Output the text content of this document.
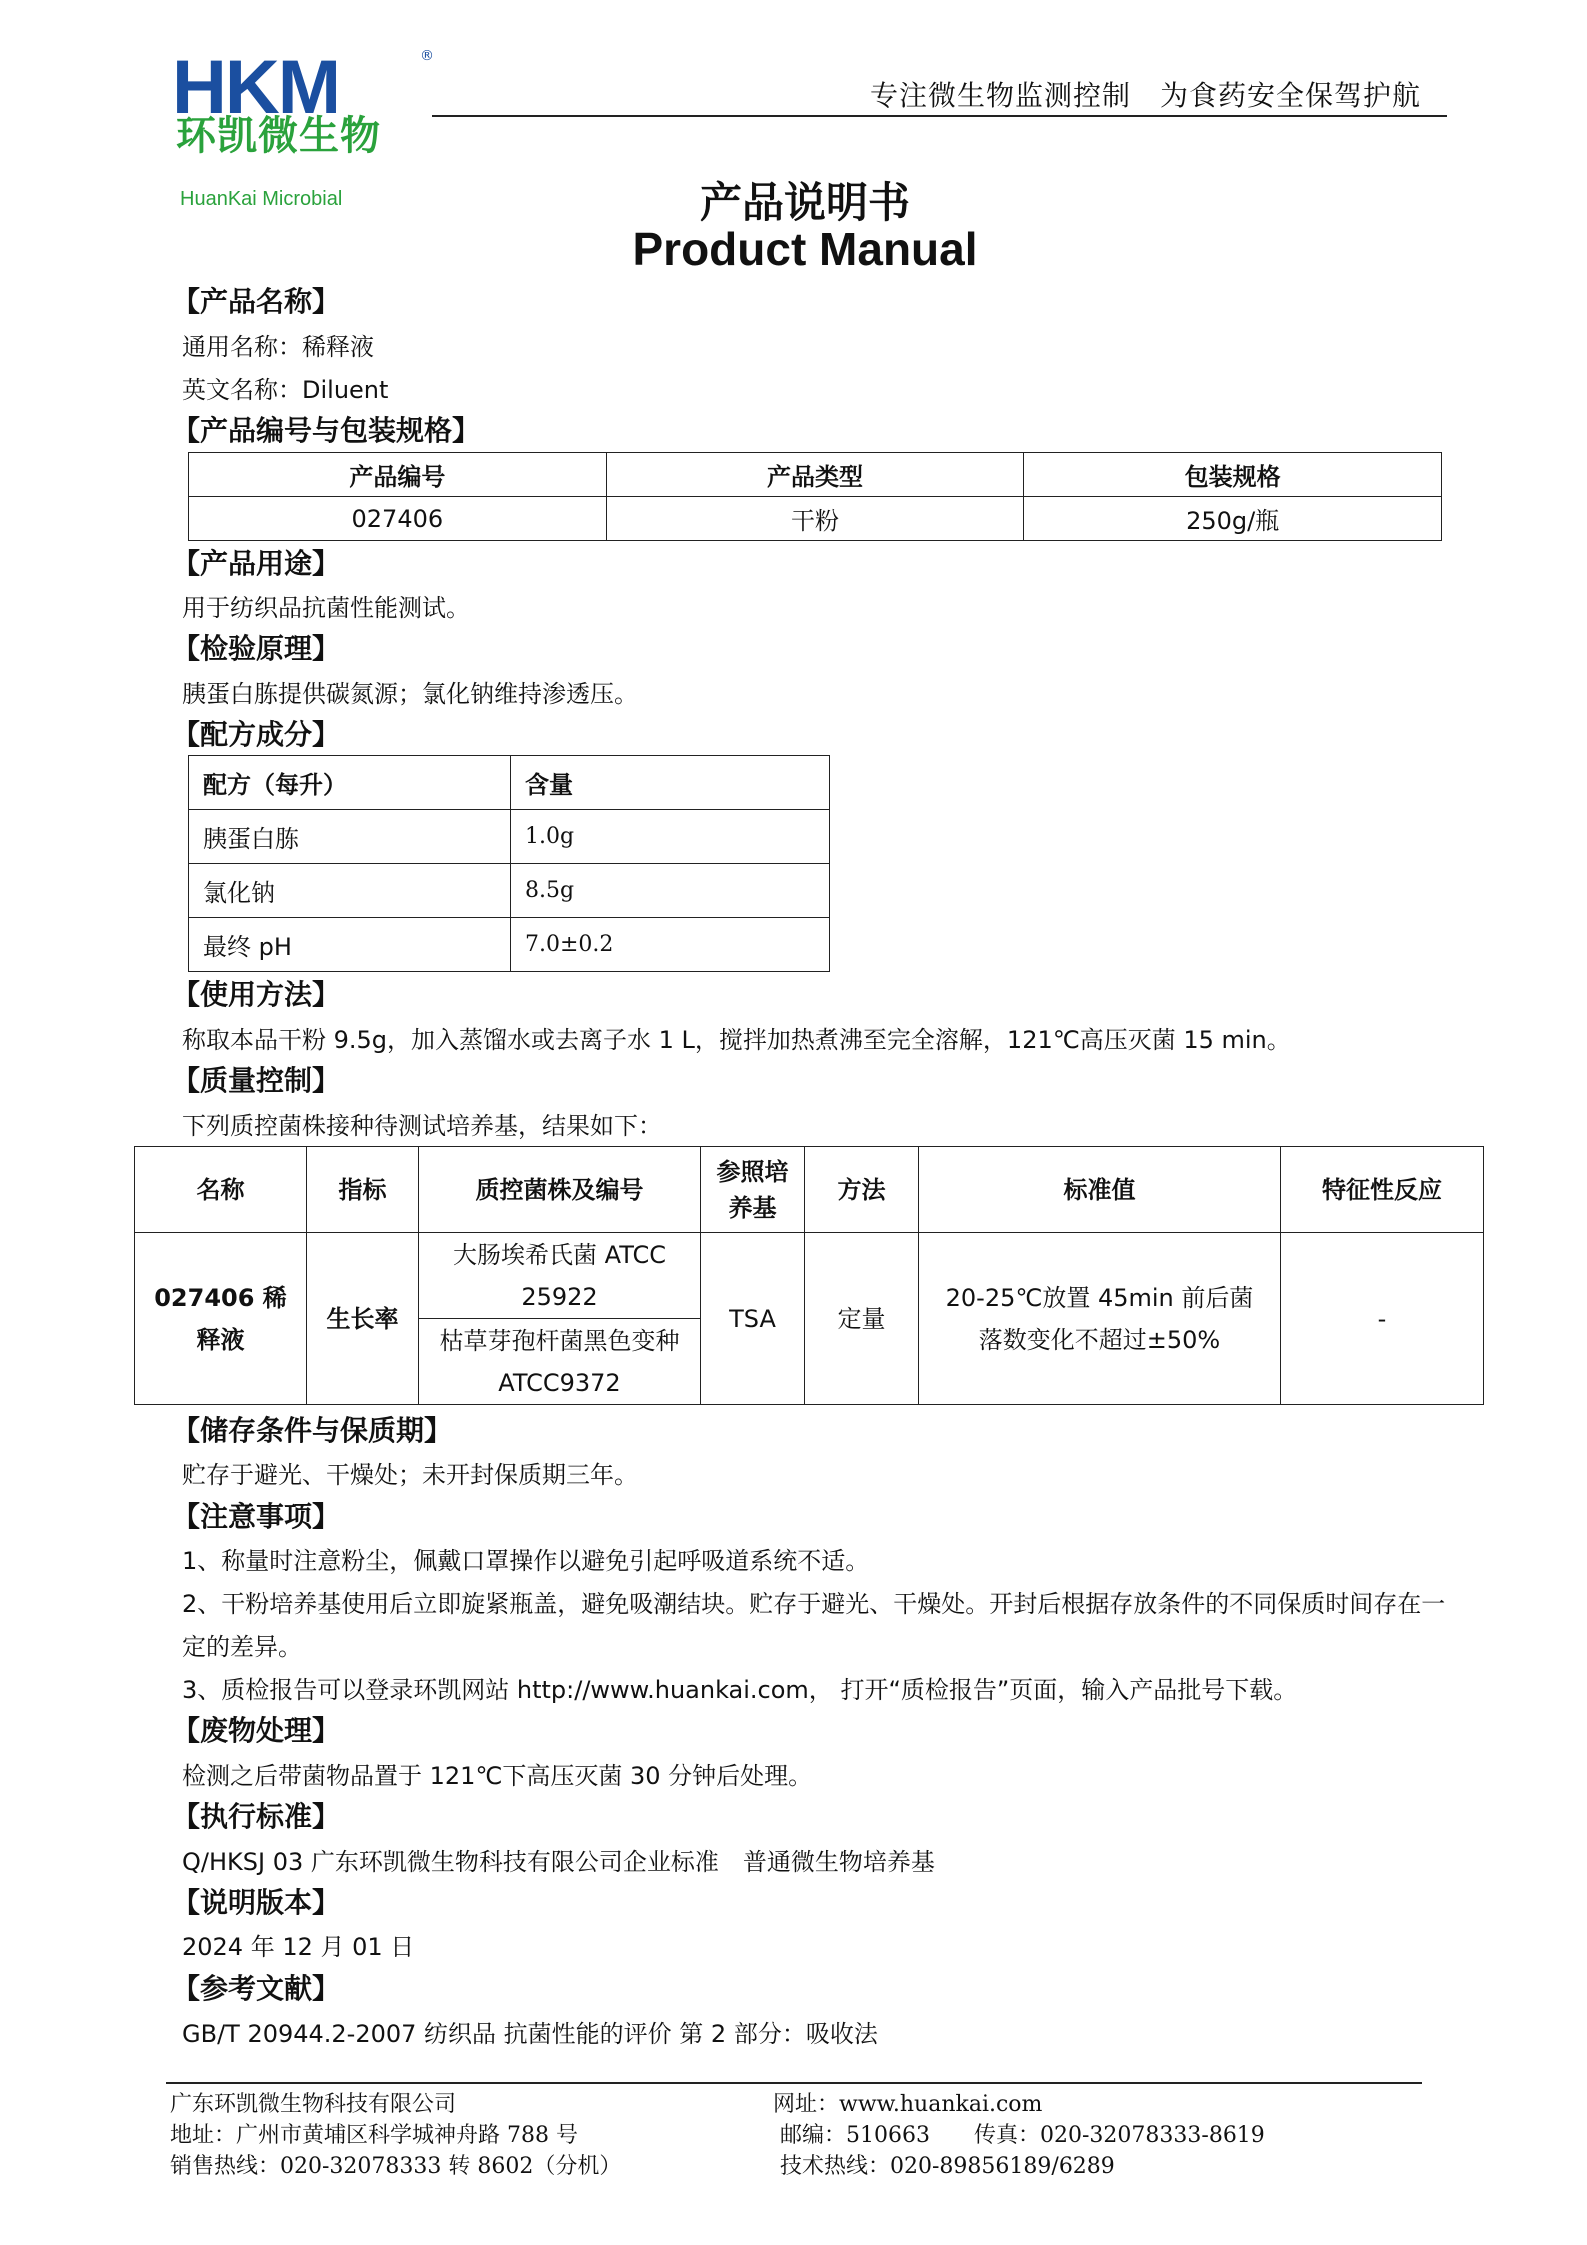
HKM	®
环凯微生物
HuanKai Microbial
专注微生物监测控制　为食药安全保驾护航
产品说明书
Product Manual
【产品名称】
通用名称：稀释液
英文名称：Diluent
【产品编号与包装规格】
产品编号	产品类型	包装规格
027406	干粉	250g/瓶
【产品用途】
用于纺织品抗菌性能测试。
【检验原理】
胰蛋白胨提供碳氮源；氯化钠维持渗透压。
【配方成分】
配方（每升）	含量
胰蛋白胨	1.0g
氯化钠	8.5g
最终 pH	7.0±0.2
【使用方法】
称取本品干粉 9.5g，加入蒸馏水或去离子水 1 L，搅拌加热煮沸至完全溶解，121℃高压灭菌 15 min。
【质量控制】
下列质控菌株接种待测试培养基，结果如下：
名称	指标	质控菌株及编号	参照培养基	方法	标准值	特征性反应
027406 稀释液	生长率	大肠埃希氏菌 ATCC 25922	TSA	定量	20-25℃放置 45min 前后菌落数变化不超过±50%	-
		枯草芽孢杆菌黑色变种 ATCC9372				
【储存条件与保质期】
贮存于避光、干燥处；未开封保质期三年。
【注意事项】
1、称量时注意粉尘，佩戴口罩操作以避免引起呼吸道系统不适。
2、干粉培养基使用后立即旋紧瓶盖，避免吸潮结块。贮存于避光、干燥处。开封后根据存放条件的不同保质时间存在一
定的差异。
3、质检报告可以登录环凯网站 http://www.huankai.com， 打开“质检报告”页面，输入产品批号下载。
【废物处理】
检测之后带菌物品置于 121℃下高压灭菌 30 分钟后处理。
【执行标准】
Q/HKSJ 03 广东环凯微生物科技有限公司企业标准　普通微生物培养基
【说明版本】
2024 年 12 月 01 日
【参考文献】
GB/T 20944.2-2007 纺织品 抗菌性能的评价 第 2 部分：吸收法
广东环凯微生物科技有限公司
地址：广州市黄埔区科学城神舟路 788 号
销售热线：020-32078333 转 8602（分机）
网址：www.huankai.com
邮编：510663　　传真：020-32078333-8619
技术热线：020-89856189/6289
